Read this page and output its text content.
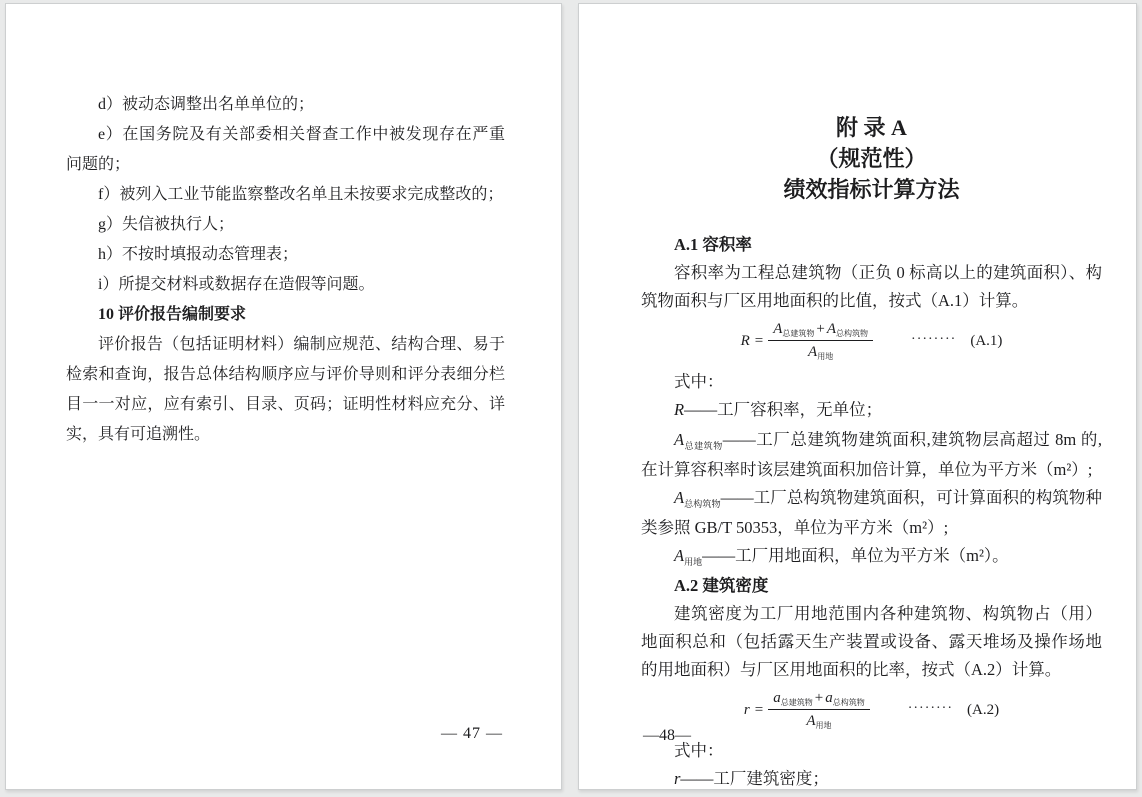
d）被动态调整出名单单位的；

e）在国务院及有关部委相关督查工作中被发现存在严重问题的；

f）被列入工业节能监察整改名单且未按要求完成整改的；

g）失信被执行人；

h）不按时填报动态管理表；

i）所提交材料或数据存在造假等问题。

10 评价报告编制要求

评价报告（包括证明材料）编制应规范、结构合理、易于检索和查询，报告总体结构顺序应与评价导则和评分表细分栏目一一对应，应有索引、目录、页码；证明性材料应充分、详实，具有可追溯性。

— 47 —

附 录 A

（规范性）

绩效指标计算方法

A.1 容积率

容积率为工程总建筑物（正负 0 标高以上的建筑面积）、构筑物面积与厂区用地面积的比值，按式（A.1）计算。

$R = \frac{A_{总建筑物} + A_{总构筑物}}{A_{用地}}$	········ (A.1)

式中：

R——工厂容积率，无单位；

$A_{总建筑物}——$工厂总建筑物建筑面积,建筑物层高超过 8m 的,在计算容积率时该层建筑面积加倍计算，单位为平方米（m²）;

$A_{总构筑物}——$工厂总构筑物建筑面积，可计算面积的构筑物种类参照 GB/T 50353，单位为平方米（m²）;

$A_{用地}——$工厂用地面积，单位为平方米（m²）。

A.2 建筑密度

建筑密度为工厂用地范围内各种建筑物、构筑物占（用）地面积总和（包括露天生产装置或设备、露天堆场及操作场地的用地面积）与厂区用地面积的比率，按式（A.2）计算。

$r = \frac{a_{总建筑物} + a_{总构筑物}}{A_{用地}}$	········ (A.2)

式中：

r——工厂建筑密度；

—48—
